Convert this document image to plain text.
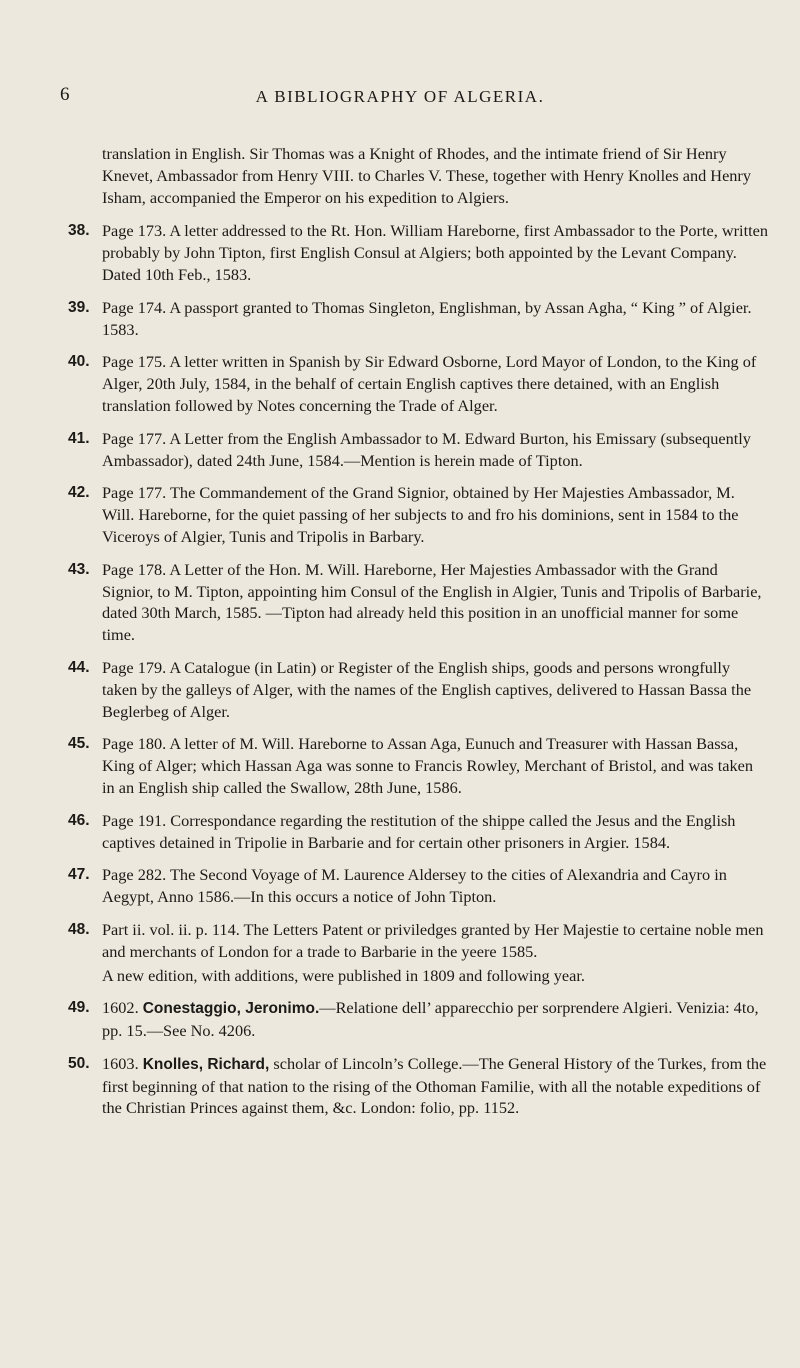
6	A BIBLIOGRAPHY OF ALGERIA.

translation in English. Sir Thomas was a Knight of Rhodes, and the intimate friend of Sir Henry Knevet, Ambassador from Henry VIII. to Charles V. These, together with Henry Knolles and Henry Isham, accompanied the Emperor on his expedition to Algiers.

38. Page 173. A letter addressed to the Rt. Hon. William Hareborne, first Ambassador to the Porte, written probably by John Tipton, first English Consul at Algiers; both appointed by the Levant Company. Dated 10th Feb., 1583.
39. Page 174. A passport granted to Thomas Singleton, Englishman, by Assan Agha, “ King ” of Algier. 1583.
40. Page 175. A letter written in Spanish by Sir Edward Osborne, Lord Mayor of London, to the King of Alger, 20th July, 1584, in the behalf of certain English captives there detained, with an English translation followed by Notes concerning the Trade of Alger.
41. Page 177. A Letter from the English Ambassador to M. Edward Burton, his Emissary (subsequently Ambassador), dated 24th June, 1584.—Mention is herein made of Tipton.
42. Page 177. The Commandement of the Grand Signior, obtained by Her Majesties Ambassador, M. Will. Hareborne, for the quiet passing of her subjects to and fro his dominions, sent in 1584 to the Viceroys of Algier, Tunis and Tripolis in Barbary.
43. Page 178. A Letter of the Hon. M. Will. Hareborne, Her Majesties Ambassador with the Grand Signior, to M. Tipton, appointing him Consul of the English in Algier, Tunis and Tripolis of Barbarie, dated 30th March, 1585. —Tipton had already held this position in an unofficial manner for some time.
44. Page 179. A Catalogue (in Latin) or Register of the English ships, goods and persons wrongfully taken by the galleys of Alger, with the names of the English captives, delivered to Hassan Bassa the Beglerbeg of Alger.
45. Page 180. A letter of M. Will. Hareborne to Assan Aga, Eunuch and Treasurer with Hassan Bassa, King of Alger; which Hassan Aga was sonne to Francis Rowley, Merchant of Bristol, and was taken in an English ship called the Swallow, 28th June, 1586.
46. Page 191. Correspondance regarding the restitution of the shippe called the Jesus and the English captives detained in Tripolie in Barbarie and for certain other prisoners in Argier. 1584.
47. Page 282. The Second Voyage of M. Laurence Aldersey to the cities of Alexandria and Cayro in Aegypt, Anno 1586.—In this occurs a notice of John Tipton.
48. Part ii. vol. ii. p. 114. The Letters Patent or priviledges granted by Her Majestie to certaine noble men and merchants of London for a trade to Barbarie in the yeere 1585.
A new edition, with additions, were published in 1809 and following year.
49. 1602. Conestaggio, Jeronimo.—Relatione dell’ apparecchio per sorprendere Algieri. Venizia: 4to, pp. 15.—See No. 4206.
50. 1603. Knolles, Richard, scholar of Lincoln’s College.—The General History of the Turkes, from the first beginning of that nation to the rising of the Othoman Familie, with all the notable expeditions of the Christian Princes against them, &c. London: folio, pp. 1152.
